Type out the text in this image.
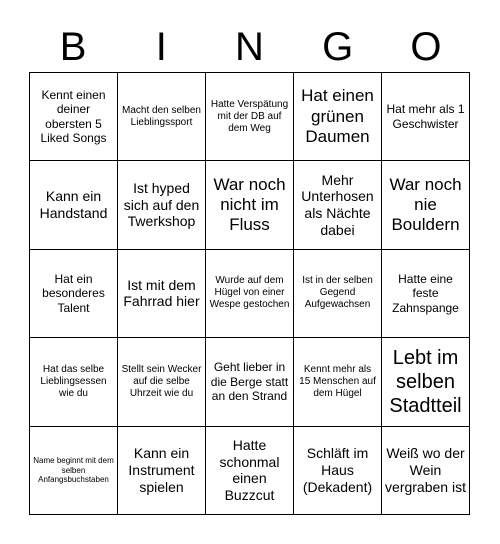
B	I	N	G	O
Kennt einen deiner obersten 5 Liked Songs
Macht den selben Lieblingssport
Hatte Verspätung mit der DB auf dem Weg
Hat einen grünen Daumen
Hat mehr als 1 Geschwister
Kann ein Handstand
Ist hyped sich auf den Twerkshop
War noch nicht im Fluss
Mehr Unterhosen als Nächte dabei
War noch nie Bouldern
Hat ein besonderes Talent
Ist mit dem Fahrrad hier
Wurde auf dem Hügel von einer Wespe gestochen
Ist in der selben Gegend Aufgewachsen
Hatte eine feste Zahnspange
Hat das selbe Lieblingsessen wie du
Stellt sein Wecker auf die selbe Uhrzeit wie du
Geht lieber in die Berge statt an den Strand
Kennt mehr als 15 Menschen auf dem Hügel
Lebt im selben Stadtteil
Name beginnt mit dem selben Anfangsbuchstaben
Kann ein Instrument spielen
Hatte schonmal einen Buzzcut
Schläft im Haus (Dekadent)
Weiß wo der Wein vergraben ist
